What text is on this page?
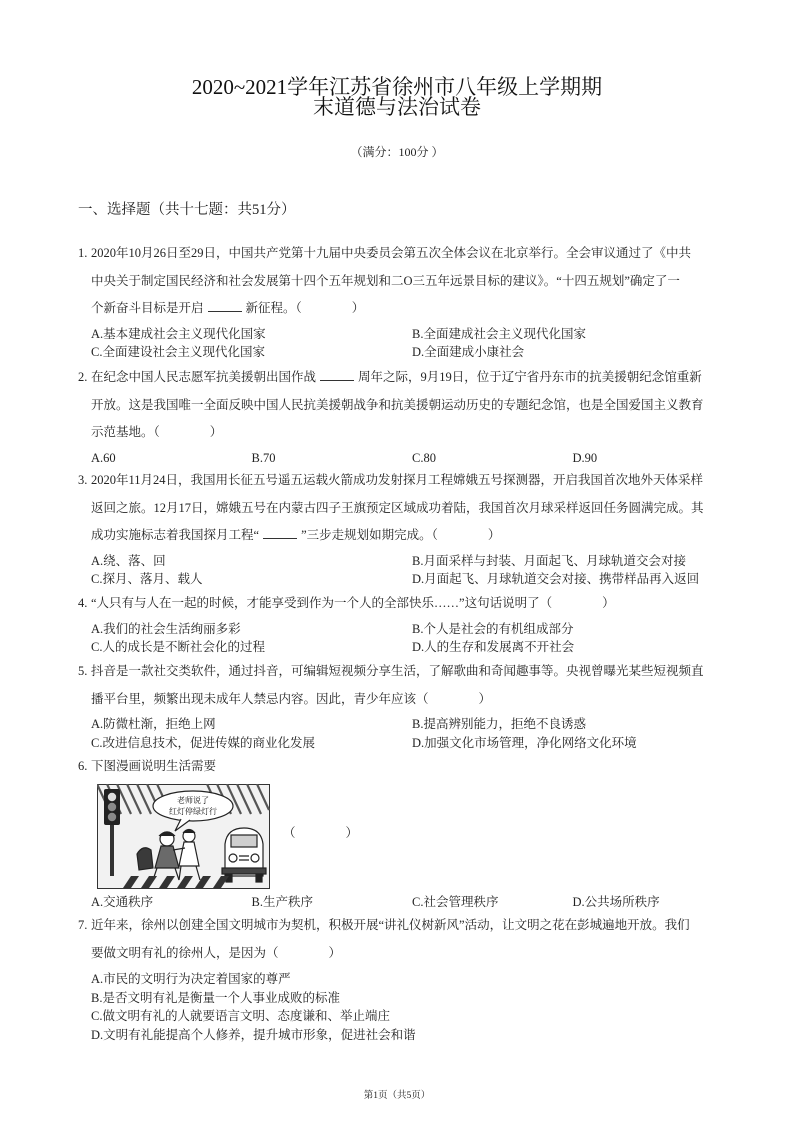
2020~2021学年江苏省徐州市八年级上学期期
末道德与法治试卷
（满分：100分 ）
一、选择题（共十七题：共51分）
1. 2020年10月26日至29日，中国共产党第十九届中央委员会第五次全体会议在北京举行。全会审议通过了《中共
中央关于制定国民经济和社会发展第十四个五年规划和二O三五年远景目标的建议》。“十四五规划”确定了一
个新奋斗目标是开启	新征程。（　　　　）
A.基本建成社会主义现代化国家	B.全面建成社会主义现代化国家
C.全面建设社会主义现代化国家	D.全面建成小康社会
2. 在纪念中国人民志愿军抗美援朝出国作战	周年之际，9月19日，位于辽宁省丹东市的抗美援朝纪念馆重新
开放。这是我国唯一全面反映中国人民抗美援朝战争和抗美援朝运动历史的专题纪念馆，也是全国爱国主义教育
示范基地。（　　　　）
A.60	B.70	C.80	D.90
3. 2020年11月24日，我国用长征五号遥五运载火箭成功发射探月工程嫦娥五号探测器，开启我国首次地外天体采样
返回之旅。12月17日，嫦娥五号在内蒙古四子王旗预定区域成功着陆，我国首次月球采样返回任务圆满完成。其
成功实施标志着我国探月工程“	”三步走规划如期完成。（　　　　）
A.绕、落、回	B.月面采样与封装、月面起飞、月球轨道交会对接
C.探月、落月、载人	D.月面起飞、月球轨道交会对接、携带样品再入返回
4. “人只有与人在一起的时候，才能享受到作为一个人的全部快乐……”这句话说明了（　　　　）
A.我们的社会生活绚丽多彩	B.个人是社会的有机组成部分
C.人的成长是不断社会化的过程	D.人的生存和发展离不开社会
5. 抖音是一款社交类软件，通过抖音，可编辑短视频分享生活，了解歌曲和奇闻趣事等。央视曾曝光某些短视频直
播平台里，频繁出现未成年人禁忌内容。因此，青少年应该（　　　　）
A.防微杜渐，拒绝上网	B.提高辨别能力，拒绝不良诱惑
C.改进信息技术，促进传媒的商业化发展	D.加强文化市场管理，净化网络文化环境
6. 下图漫画说明生活需要
老师说了
红灯停绿灯行
（　　　　）
A.交通秩序	B.生产秩序	C.社会管理秩序	D.公共场所秩序
7. 近年来，徐州以创建全国文明城市为契机，积极开展“讲礼仪树新风”活动，让文明之花在彭城遍地开放。我们
要做文明有礼的徐州人，是因为（　　　　）
A.市民的文明行为决定着国家的尊严
B.是否文明有礼是衡量一个人事业成败的标准
C.做文明有礼的人就要语言文明、态度谦和、举止端庄
D.文明有礼能提高个人修养，提升城市形象，促进社会和谐
第1页（共5页）
